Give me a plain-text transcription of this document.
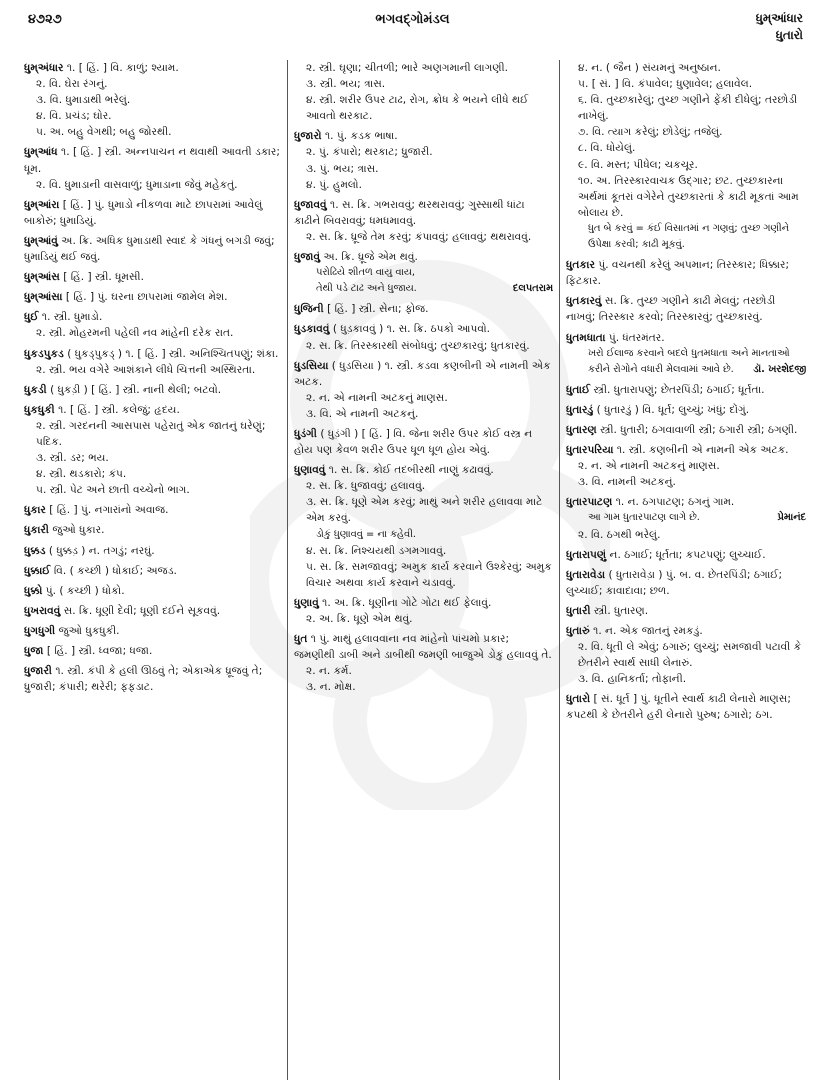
૪૭૨૭	ભગવદ્ગોમંડલ	ધુમ્આંધાર
ધુતારો
ધુમ્અંધાર ૧. [ હિં. ] વિ. કાળું; શ્યામ.
૨. વિ. ઘેરા રંગનું.
૩. વિ. ધુમાડાથી ભરેલું.
૪. વિ. પ્રચંડ; ઘોર.
૫. અ. બહુ વેગથી; બહુ જોરથી.
ધુમ્આંધ ૧. [ હિં. ] સ્ત્રી. અન્નપાચન ન થવાથી આવતી ડકાર; ધૂમ.
૨. વિ. ધુમાડાની વાસવાળું; ધુમાડાના જેવું મહેકતું.
ધુમ્આંરા [ હિં. ] પું. ધુમાડો નીકળવા માટે છાપરામાં આવેલું બાકોરું; ધુમાડિયું.
ધુમ્આંવું અ. ક્રિ. અધિક ધુમાડાથી સ્વાદ કે ગંધનું બગડી જવું; ધુમાડિયું થઈ જવું.
ધુમ્આંસ [ હિં. ] સ્ત્રી. ધૂમસી.
ધુમ્આંસા [ હિં. ] પું. ઘરના છાપરામાં જામેલ મેશ.
ધુઈ ૧. સ્ત્રી. ધુમાડો.
૨. સ્ત્રી. મોહરમની પહેલી નવ માંહેની દરેક રાત.
ધુકડપુકડ ( ધુકડ્પુકડ્ ) ૧. [ હિં. ] સ્ત્રી. અનિશ્ચિતપણું; શંકા.
૨. સ્ત્રી. ભય વગેરે આશંકાને લીધે ચિત્તની અસ્થિરતા.
ધુકડી ( ધુકડ઼ી ) [ હિં. ] સ્ત્રી. નાની થેલી; બટવો.
ધુકધુકી ૧. [ હિં. ] સ્ત્રી. કલેજું; હૃદય.
૨. સ્ત્રી. ગરદનની આસપાસ પહેરાતું એક જાતનું ઘરેણું; પદિક.
૩. સ્ત્રી. ડર; ભય.
૪. સ્ત્રી. થડકારો; કંપ.
૫. સ્ત્રી. પેટ અને છાતી વચ્ચેનો ભાગ.
ધુકાર [ હિં. ] પું. નગારાંનો અવાજ.
ધુકારી જુઓ ધુકાર.
ધુક્કડ ( ધુક્કડ઼ ) ન. તગડું; નરઘું.
ધુક્કાઈ વિ. ( કચ્છી ) ધોકાઈ; અજડ.
ધુક્કો પું. ( કચ્છી ) ધોકો.
ધુખરાવવું સ. ક્રિ. ધૂણી દેવી; ધૂણી દઈને સૂકવવું.
ધુગધુગી જુઓ ધુકધુકી.
ધુજા [ હિં. ] સ્ત્રી. ધ્વજા; ધજા.
ધુજારી ૧. સ્ત્રી. કંપી કે હલી ઊઠવું તે; એકાએક ધ્રૂજવું તે; ધ્રુજારી; કંપારી; થરેરી; ફફડાટ.
૨. સ્ત્રી. ઘૃણા; ચીતળી; ભારે અણગમાની લાગણી.
૩. સ્ત્રી. ભય; ત્રાસ.
૪. સ્ત્રી. શરીર ઉપર ટાઢ, રોગ, ક્રોધ કે ભયને લીધે થઈ આવતો થરકાટ.
ધુજારો ૧. પું. કડક ભાષા.
૨. પું. કંપારો; થરકાટ; ધ્રુજારી.
૩. પું. ભય; ત્રાસ.
૪. પું. હુમલો.
ધુજાવવું ૧. સ. ક્રિ. ગભરાવવું; થરથરાવવું; ગુસ્સાથી ધાંટા કાઢીને બિવરાવવું; ધમધમાવવું.
૨. સ. ક્રિ. ધ્રૂજે તેમ કરવું; કંપાવવું; હલાવવું; થથરાવવું.
ધુજાવું અ. ક્રિ. ધ્રૂજે એમ થવું.
પરોઢિયે શીતળ વાયુ વાય,
તેથી પડે ટાઢ અને ધુજાય.	દલપતરામ
ધુજિની [ હિં. ] સ્ત્રી. સેના; ફોજ.
ધુડકાવવું ( ધુડ઼કાવવું ) ૧. સ. ક્રિ. ઠપકો આપવો.
૨. સ. ક્રિ. તિરસ્કારથી સંબોધવું; તુચ્છકારવું; ધુતકારવું.
ધુડસિયા ( ધુડ઼સિયા ) ૧. સ્ત્રી. કડવા કણબીની એ નામની એક અટક.
૨. ન. એ નામની અટકનું માણસ.
૩. વિ. એ નામની અટકનું.
ધુડંગી ( ધુડ઼ંગી ) [ હિં. ] વિ. જેના શરીર ઉપર કોઈ વસ્ત્ર ન હોય પણ કેવળ શરીર ઉપર ધૂળ ધૂળ હોય એવું.
ધુણાવવું ૧. સ. ક્રિ. કોઈ તદબીરથી નાણું કઢાવવું.
૨. સ. ક્રિ. ધુજાવવું; હલાવવું.
૩. સ. ક્રિ. ધૂણે એમ કરવું; માથું અને શરીર હલાવવા માટે એમ કરવું.
ડોકું ધુણાવવું = ના કહેવી.
૪. સ. ક્રિ. નિશ્ચયથી ડગમગાવવું.
૫. સ. ક્રિ. સમજાવવું; અમુક કાર્ય કરવાને ઉશ્કેરવું; અમુક વિચાર અથવા કાર્ય કરવાને ચડાવવું.
ધુણાવું ૧. અ. ક્રિ. ધૂણીના ગોટે ગોટા થઈ ફેલાવું.
૨. અ. ક્રિ. ધૂણે એમ થવું.
ધુત ૧ પું. માથું હલાવવાના નવ માંહેનો પાંચમો પ્રકાર; જમણીથી ડાબી અને ડાબીથી જમણી બાજુએ ડોકું હલાવવું તે.
૨. ન. કર્મ.
૩. ન. મોક્ષ.
૪. ન. ( જૈન ) સંયમનું અનુષ્ઠાન.
૫. [ સં. ] વિ. કંપાવેલ; ધુણાવેલ; હલાવેલ.
૬. વિ. તુચ્છકારેલું; તુચ્છ ગણીને ફેંકી દીધેલું; તરછોડી નાખેલું.
૭. વિ. ત્યાગ કરેલું; છોડેલું; તજેલું.
૮. વિ. ધોયેલું.
૯. વિ. મસ્ત; પીધેલ; ચકચૂર.
૧૦. અ. તિરસ્કારવાચક ઉદ્ગાર; છટ. તુચ્છકારના અર્થમાં કૂતરાં વગેરેને તુચ્છકારતાં કે કાઢી મૂકતાં આમ બોલાય છે.
ધુત બે કરવું = કંઈ વિસાતમાં ન ગણવું; તુચ્છ ગણીને ઉપેક્ષા કરવી; કાઢી મૂકવું.
ધુતકાર પું. વચનથી કરેલું અપમાન; તિરસ્કાર; ધિક્કાર; ફિટકાર.
ધુતકારવું સ. ક્રિ. તુચ્છ ગણીને કાઢી મેલવું; તરછોડી નાખવું; તિરસ્કાર કરવો; તિરસ્કારવું; તુચ્છકારવું.
ધુતમધાતા પું. ધંતરમંતર.
ખરો ઈલાજ કરવાને બદલે ધુતમધાતા અને માનતાઓ કરીને રોગોને વધારી મેલવામાં આવે છે. ડૉ. ખરશેદજી
ધુતાઈ સ્ત્રી. ધુતારાપણું; છેતરપિંડી; ઠગાઈ; ધૂર્તતા.
ધુતારડું ( ધુતારડ઼ું ) વિ. ધૂર્ત; લુચ્ચું; ખંધું; દોંગું.
ધુતારણ સ્ત્રી. ધુતારી; ઠગવાવાળી સ્ત્રી; ઠગારી સ્ત્રી; ઠગણી.
ધુતારપરિયા ૧. સ્ત્રી. કણબીની એ નામની એક અટક.
૨. ન. એ નામની અટકનું માણસ.
૩. વિ. નામની અટકનું.
ધુતારપાટણ ૧. ન. ઠગપાટણ; ઠગનું ગામ.
આ ગામ ધુતારપાટણ લાગે છે.	પ્રેમાનંદ
૨. વિ. ઠગથી ભરેલું.
ધુતારાપણું ન. ઠગાઈ; ધૂર્તતા; કપટપણું; લુચ્ચાઈ.
ધુતારાવેડા ( ધુતારાવેડ઼ા ) પું. બ. વ. છેતરપિંડી; ઠગાઈ; લુચ્ચાઈ; કાવાદાવા; છળ.
ધુતારી સ્ત્રી. ધુતારણ.
ધુતારું ૧. ન. એક જાતનું રમકડું.
૨. વિ. ધૂતી લે એવું; ઠગારું; લુચ્ચું; સમજાવી પટાવી કે છેતરીને સ્વાર્થ સાધી લેનારું.
૩. વિ. હાનિકર્તા; તોફાની.
ધુતારો [ સં. ધૂર્ત ] પું. ધૂતીને સ્વાર્થ કાઢી લેનારો માણસ; કપટથી કે છેતરીને હરી લેનારો પુરુષ; ઠગારો; ઠગ.
